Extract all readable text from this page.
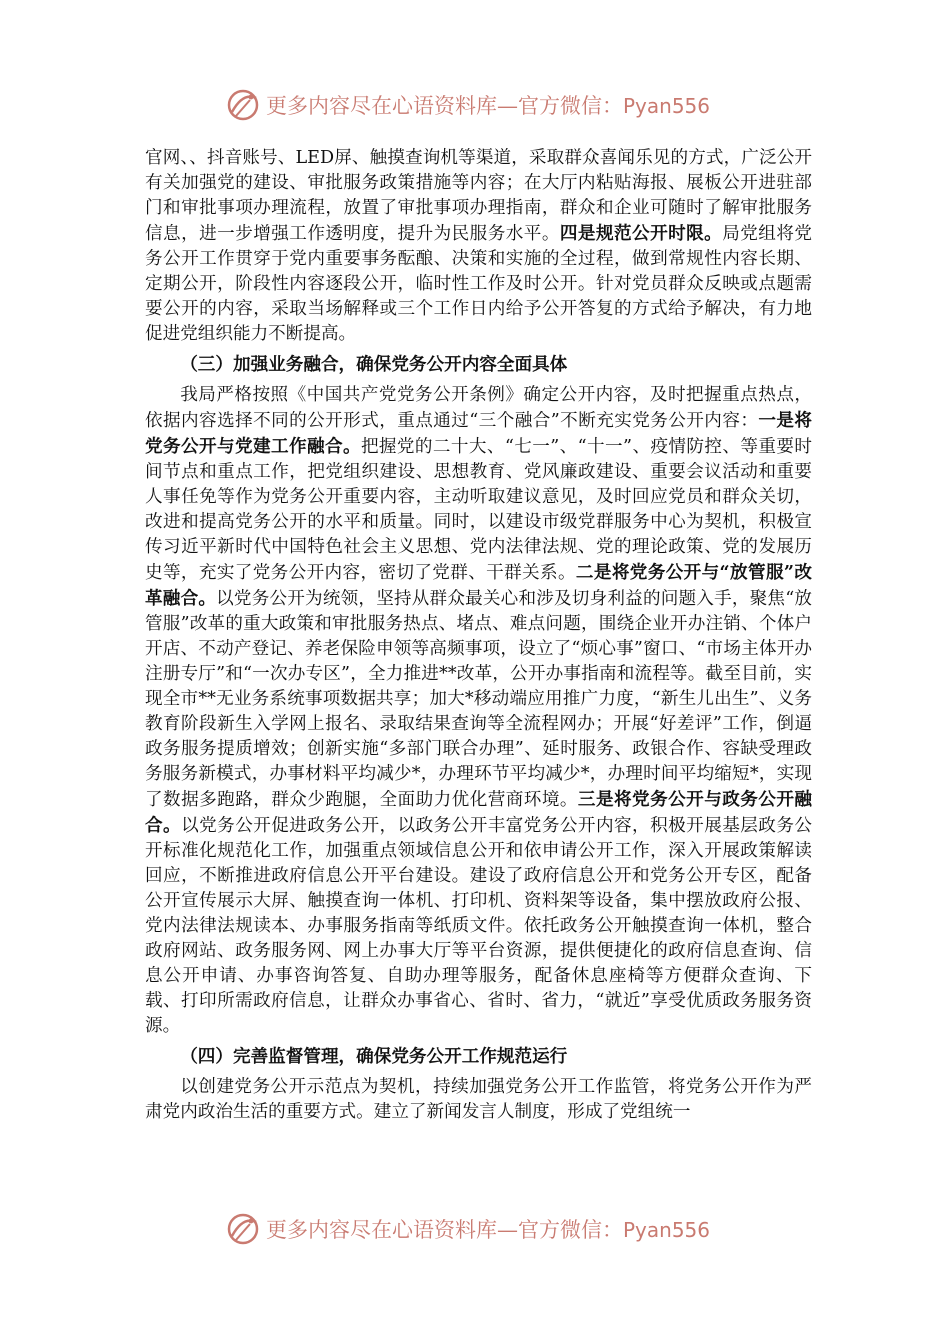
更多内容尽在心语资料库—官方微信：Pyan556

官网、、抖音账号、LED屏、触摸查询机等渠道，采取群众喜闻乐见的方式，广泛公开有关加强党的建设、审批服务政策措施等内容；在大厅内粘贴海报、展板公开进驻部门和审批事项办理流程，放置了审批事项办理指南，群众和企业可随时了解审批服务信息，进一步增强工作透明度，提升为民服务水平。四是规范公开时限。局党组将党务公开工作贯穿于党内重要事务酝酿、决策和实施的全过程，做到常规性内容长期、定期公开，阶段性内容逐段公开，临时性工作及时公开。针对党员群众反映或点题需要公开的内容，采取当场解释或三个工作日内给予公开答复的方式给予解决，有力地促进党组织能力不断提高。

（三）加强业务融合，确保党务公开内容全面具体

我局严格按照《中国共产党党务公开条例》确定公开内容，及时把握重点热点，依据内容选择不同的公开形式，重点通过“三个融合”不断充实党务公开内容：一是将党务公开与党建工作融合。把握党的二十大、“七一”、“十一”、疫情防控、等重要时间节点和重点工作，把党组织建设、思想教育、党风廉政建设、重要会议活动和重要人事任免等作为党务公开重要内容，主动听取建议意见，及时回应党员和群众关切，改进和提高党务公开的水平和质量。同时，以建设市级党群服务中心为契机，积极宣传习近平新时代中国特色社会主义思想、党内法律法规、党的理论政策、党的发展历史等，充实了党务公开内容，密切了党群、干群关系。二是将党务公开与“放管服”改革融合。以党务公开为统领，坚持从群众最关心和涉及切身利益的问题入手，聚焦“放管服”改革的重大政策和审批服务热点、堵点、难点问题，围绕企业开办注销、个体户开店、不动产登记、养老保险申领等高频事项，设立了“烦心事”窗口、“市场主体开办注册专厅”和“一次办专区”，全力推进**改革，公开办事指南和流程等。截至目前，实现全市**无业务系统事项数据共享；加大*移动端应用推广力度，“新生儿出生”、义务教育阶段新生入学网上报名、录取结果查询等全流程网办；开展“好差评”工作，倒逼政务服务提质增效；创新实施“多部门联合办理”、延时服务、政银合作、容缺受理政务服务新模式，办事材料平均减少*，办理环节平均减少*，办理时间平均缩短*，实现了数据多跑路，群众少跑腿，全面助力优化营商环境。三是将党务公开与政务公开融合。以党务公开促进政务公开，以政务公开丰富党务公开内容，积极开展基层政务公开标准化规范化工作，加强重点领域信息公开和依申请公开工作，深入开展政策解读回应，不断推进政府信息公开平台建设。建设了政府信息公开和党务公开专区，配备公开宣传展示大屏、触摸查询一体机、打印机、资料架等设备，集中摆放政府公报、党内法律法规读本、办事服务指南等纸质文件。依托政务公开触摸查询一体机，整合政府网站、政务服务网、网上办事大厅等平台资源，提供便捷化的政府信息查询、信息公开申请、办事咨询答复、自助办理等服务，配备休息座椅等方便群众查询、下载、打印所需政府信息，让群众办事省心、省时、省力，“就近”享受优质政务服务资源。

（四）完善监督管理，确保党务公开工作规范运行

以创建党务公开示范点为契机，持续加强党务公开工作监管，将党务公开作为严肃党内政治生活的重要方式。建立了新闻发言人制度，形成了党组统一

更多内容尽在心语资料库—官方微信：Pyan556
